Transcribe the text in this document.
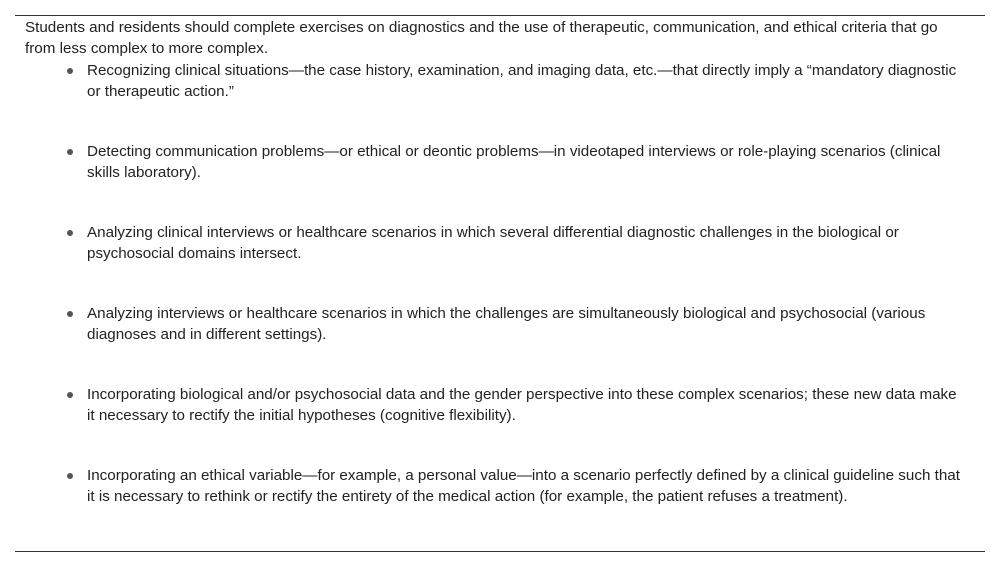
Students and residents should complete exercises on diagnostics and the use of therapeutic, communication, and ethical criteria that go from less complex to more complex.

Recognizing clinical situations—the case history, examination, and imaging data, etc.—that directly imply a “mandatory diagnostic or therapeutic action.”
Detecting communication problems—or ethical or deontic problems—in videotaped interviews or role-playing scenarios (clinical skills laboratory).
Analyzing clinical interviews or healthcare scenarios in which several differential diagnostic challenges in the biological or psychosocial domains intersect.
Analyzing interviews or healthcare scenarios in which the challenges are simultaneously biological and psychosocial (various diagnoses and in different settings).
Incorporating biological and/or psychosocial data and the gender perspective into these complex scenarios; these new data make it necessary to rectify the initial hypotheses (cognitive flexibility).
Incorporating an ethical variable—for example, a personal value—into a scenario perfectly defined by a clinical guideline such that it is necessary to rethink or rectify the entirety of the medical action (for example, the patient refuses a treatment).
